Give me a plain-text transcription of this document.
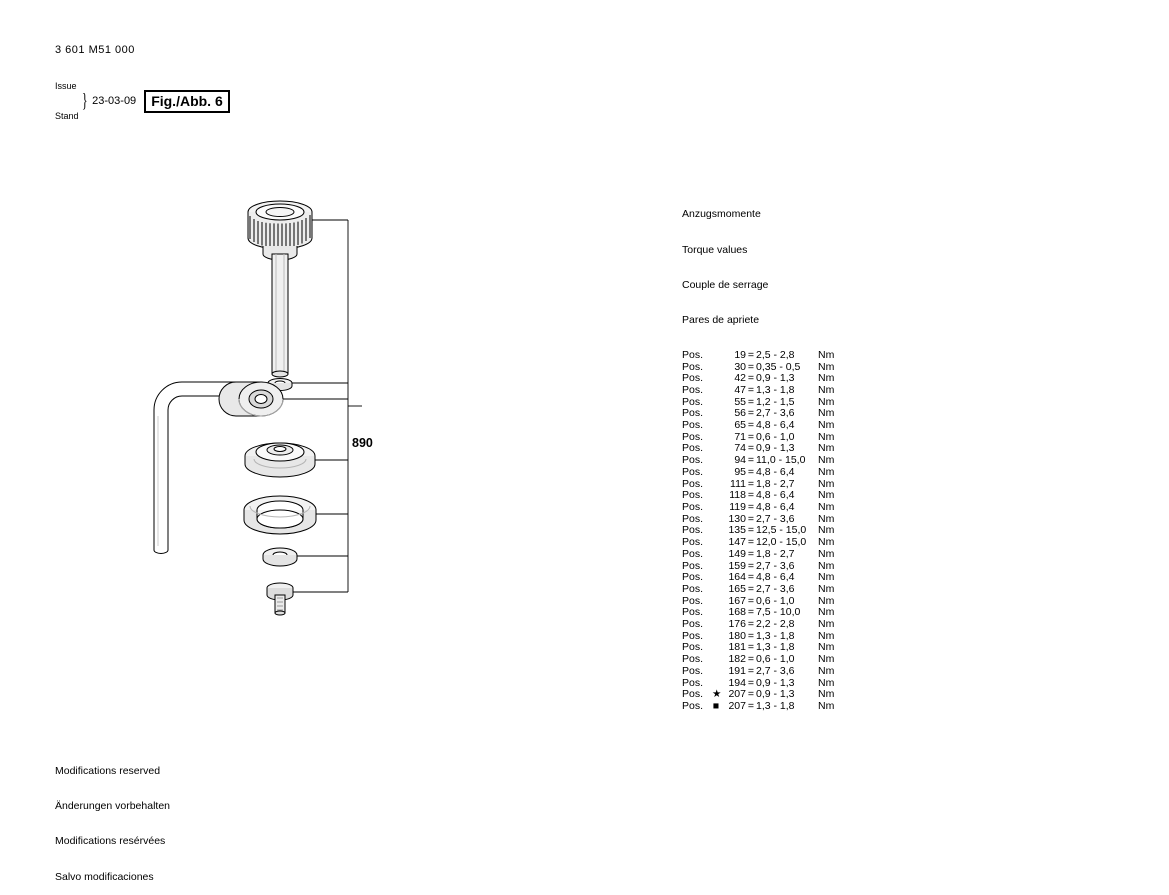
3 601 M51 000

Issue

Stand

} 23-03-09	Fig./Abb. 6
890

Anzugsmomente

Torque values

Couple de serrage

Pares de apriete

Pos.	19 = 2,5 - 2,8 Nm
Pos.	30 = 0,35 - 0,5 Nm
Pos.	42 = 0,9 - 1,3 Nm
Pos.	47 = 1,3 - 1,8 Nm
Pos.	55 = 1,2 - 1,5 Nm
Pos.	56 = 2,7 - 3,6 Nm
Pos.	65 = 4,8 - 6,4 Nm
Pos.	71 = 0,6 - 1,0 Nm
Pos.	74 = 0,9 - 1,3 Nm
Pos.	94 = 11,0 - 15,0 Nm
Pos.	95 = 4,8 - 6,4 Nm
Pos.	111 = 1,8 - 2,7 Nm
Pos. 118 = 4,8 - 6,4 Nm
Pos. 119 = 4,8 - 6,4 Nm
Pos. 130 = 2,7 - 3,6 Nm
Pos. 135 = 12,5 - 15,0 Nm
Pos. 147 = 12,0 - 15,0 Nm
Pos. 149 = 1,8 - 2,7 Nm
Pos. 159 = 2,7 - 3,6 Nm
Pos. 164 = 4,8 - 6,4 Nm
Pos. 165 = 2,7 - 3,6 Nm
Pos. 167 = 0,6 - 1,0 Nm
Pos. 168 = 7,5 - 10,0 Nm
Pos. 176 = 2,2 - 2,8 Nm
Pos. 180 = 1,3 - 1,8 Nm
Pos. 181 = 1,3 - 1,8 Nm
Pos. 182 = 0,6 - 1,0 Nm
Pos. 191 = 2,7 - 3,6 Nm
Pos. 194 = 0,9 - 1,3 Nm
Pos. ★ 207 = 0,9 - 1,3 Nm
Pos. ■ 207 = 1,3 - 1,8 Nm

Modifications reserved

Änderungen vorbehalten

Modifications resérvées

Salvo modificaciones
